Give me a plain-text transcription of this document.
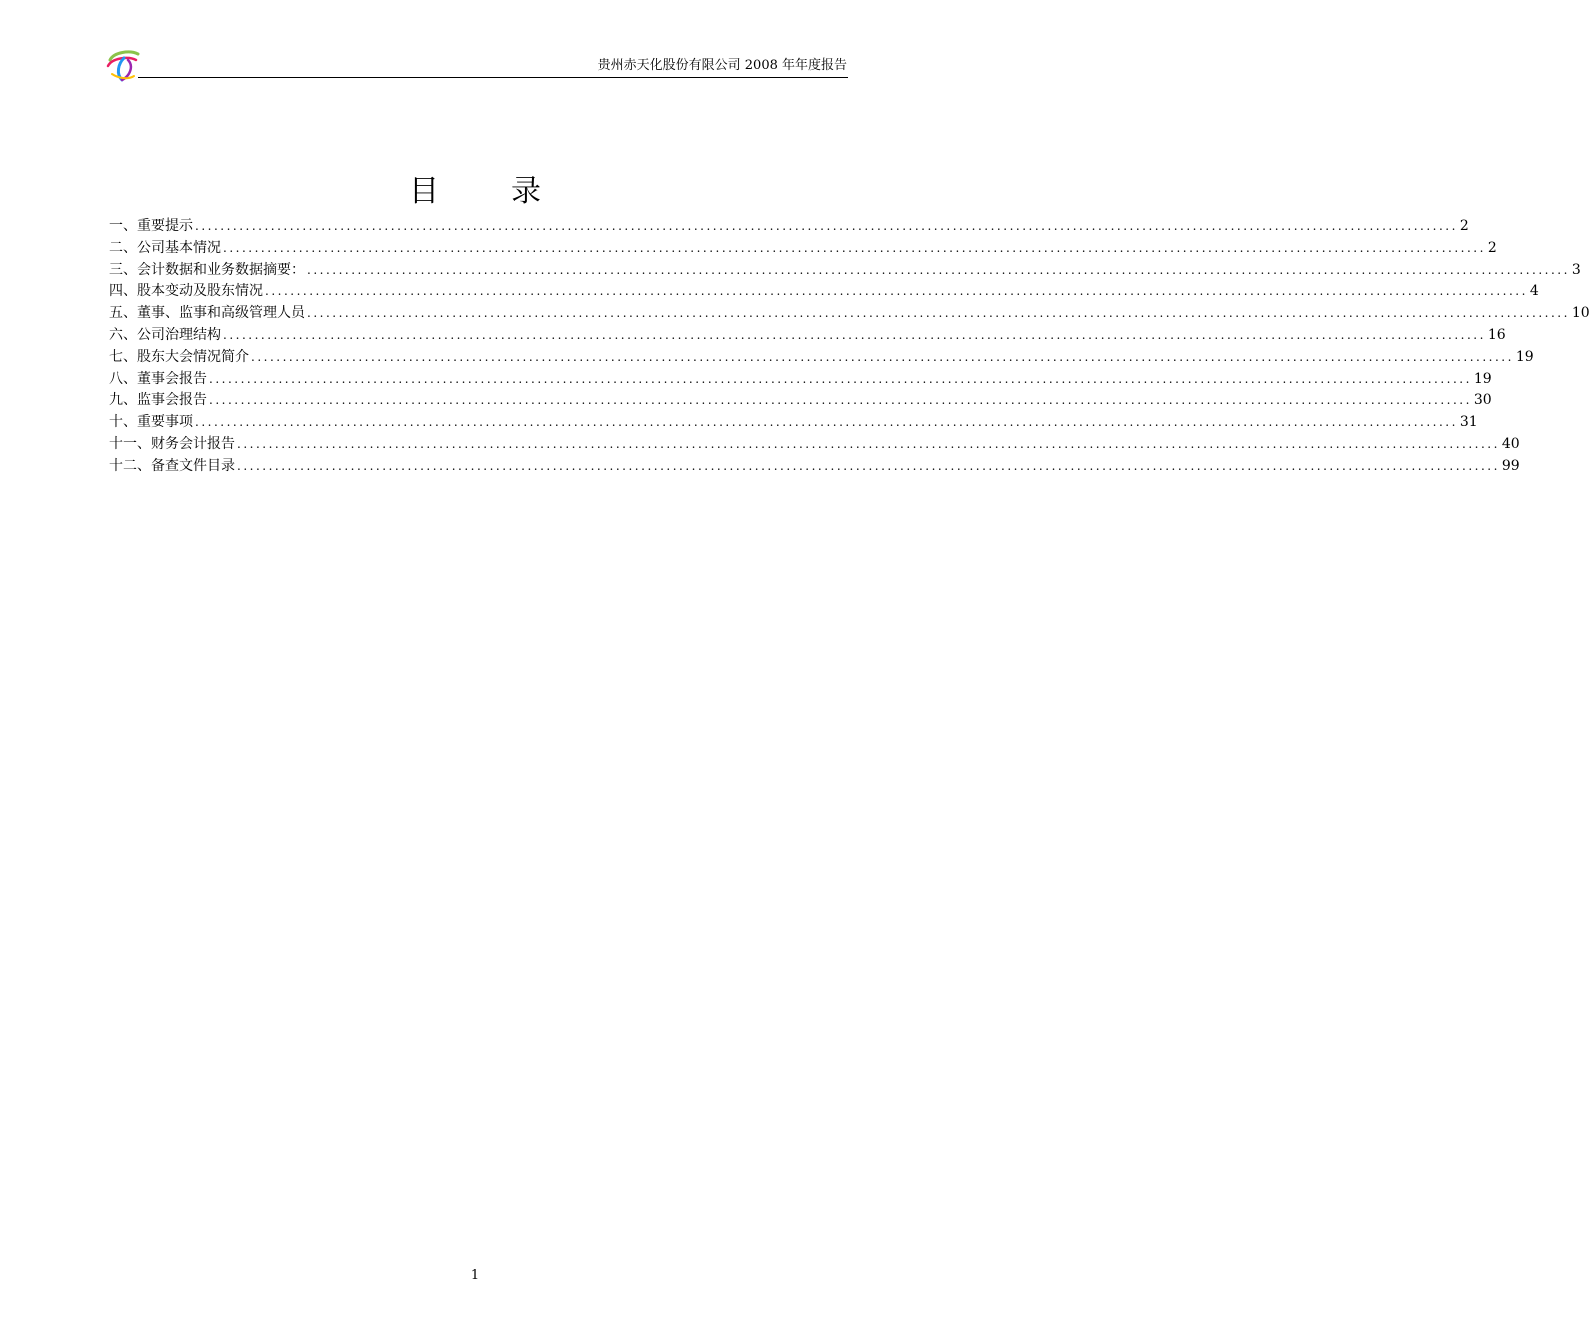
贵州赤天化股份有限公司 2008 年年度报告
目录
一、重要提示 ........................................................................................................................................................................................................ 2
二、公司基本情况 ........................................................................................................................................................................................................ 2
三、会计数据和业务数据摘要： ........................................................................................................................................................................................................ 3
四、股本变动及股东情况 ........................................................................................................................................................................................................ 4
五、董事、监事和高级管理人员 ........................................................................................................................................................................................................ 10
六、公司治理结构 ........................................................................................................................................................................................................ 16
七、股东大会情况简介 ........................................................................................................................................................................................................ 19
八、董事会报告 ........................................................................................................................................................................................................ 19
九、监事会报告 ........................................................................................................................................................................................................ 30
十、重要事项 ........................................................................................................................................................................................................ 31
十一、财务会计报告 ........................................................................................................................................................................................................ 40
十二、备查文件目录 ........................................................................................................................................................................................................ 99
1
